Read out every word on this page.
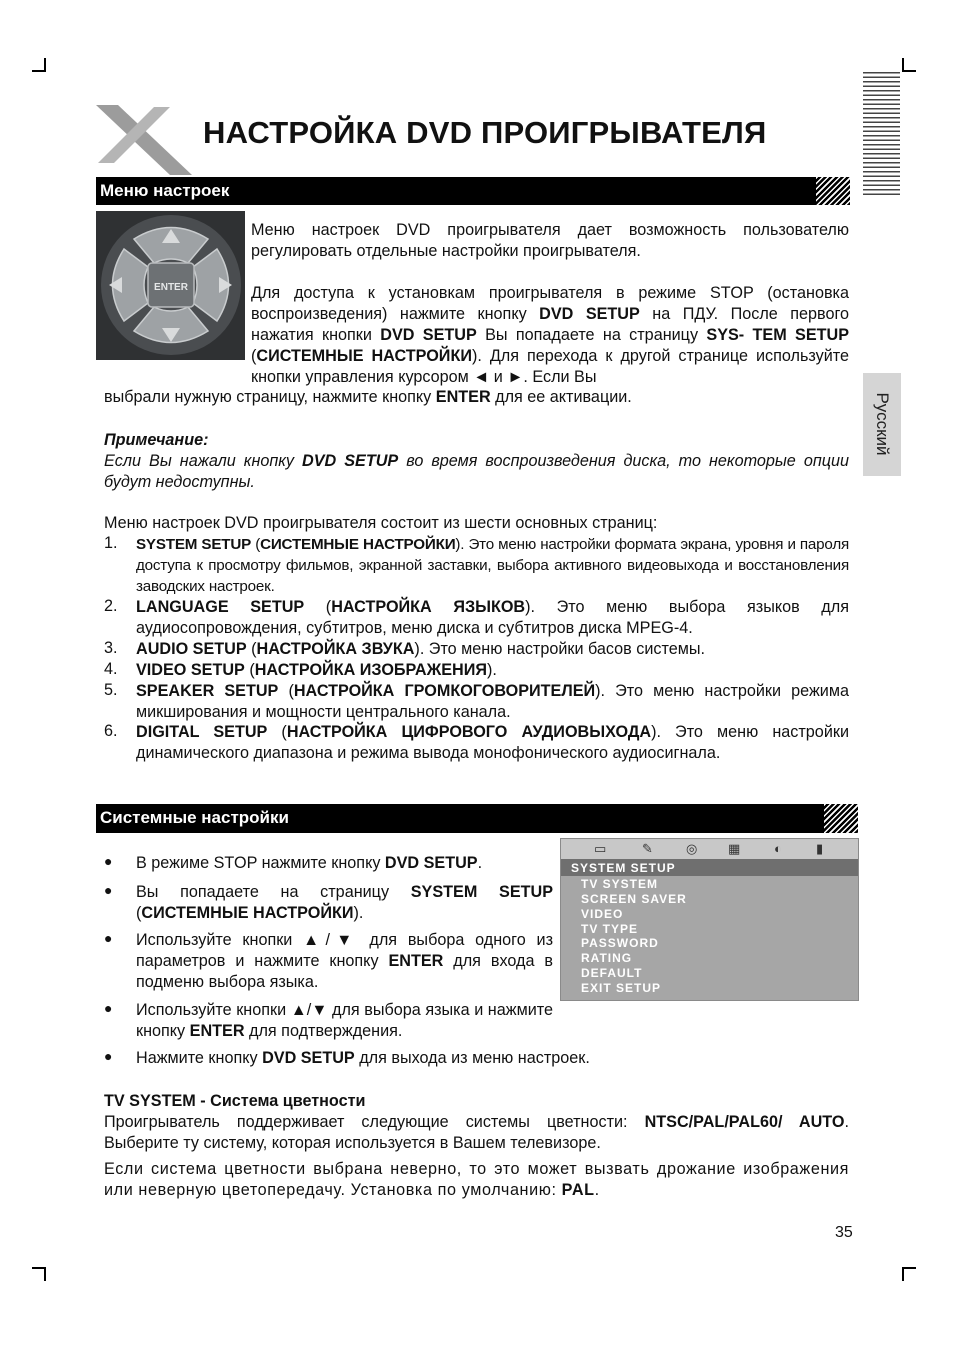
НАСТРОЙКА DVD ПРОИГРЫВАТЕЛЯ
Русский
Меню настроек
ENTER

Меню настроек DVD проигрывателя дает возможность пользователю регулировать отдельные настройки проигрывателя.

Для доступа к установкам проигрывателя в режиме STOP (остановка воспроизведения) нажмите кнопку DVD SETUP на ПДУ. После первого нажатия кнопки DVD SETUP Вы попадаете на страницу SYS- TEM SETUP (СИСТЕМНЫЕ НАСТРОЙКИ). Для перехода к другой странице используйте кнопки управления курсором ◄ и ►. Если Вы
выбрали нужную страницу, нажмите кнопку ENTER для ее активации.

Примечание:

Если Вы нажали кнопку DVD SETUP во время воспроизведения диска, то некоторые опции будут недоступны.

Меню настроек DVD проигрывателя состоит из шести основных страниц:
1. SYSTEM SETUP (СИСТЕМНЫЕ НАСТРОЙКИ). Это меню настройки формата экрана, уровня и пароля доступа к просмотру фильмов, экранной заставки, выбора активного видеовыхода и восстановления заводских настроек.
2. LANGUAGE SETUP (НАСТРОЙКА ЯЗЫКОВ). Это меню выбора языков для аудиосопровождения, субтитров, меню диска и субтитров диска MPEG-4.
3. AUDIO SETUP (НАСТРОЙКА ЗВУКА). Это меню настройки басов системы.
4. VIDEO SETUP (НАСТРОЙКА ИЗОБРАЖЕНИЯ).
5. SPEAKER SETUP (НАСТРОЙКА ГРОМКОГОВОРИТЕЛЕЙ). Это меню настройки режима микширования и мощности центрального канала.
6. DIGITAL SETUP (НАСТРОЙКА ЦИФРОВОГО АУДИОВЫХОДА). Это меню настройки динамического диапазона и режима вывода монофонического аудиосигнала.
Системные настройки
▭	✎	◎ ▦	◐	▮
SYSTEM SETUP
TV SYSTEM
SCREEN SAVER
VIDEO
TV TYPE
PASSWORD
RATING
DEFAULT
EXIT SETUP
● В режиме STOP нажмите кнопку DVD SETUP.
● Вы попадаете на страницу SYSTEM SETUP (СИСТЕМНЫЕ НАСТРОЙКИ).
● Используйте кнопки ▲/▼ для выбора одного из параметров и нажмите кнопку ENTER для входа в подменю выбора языка.
● Используйте кнопки ▲/▼ для выбора языка и нажмите кнопку ENTER для подтверждения.
● Нажмите кнопку DVD SETUP для выхода из меню настроек.
TV SYSTEM - Система цветности
Проигрыватель поддерживает следующие системы цветности: NTSC/PAL/PAL60/ AUTO. Выберите ту систему, которая используется в Вашем телевизоре.
Если система цветности выбрана неверно, то это может вызвать дрожание изображения или неверную цветопередачу. Установка по умолчанию: PAL.
35
